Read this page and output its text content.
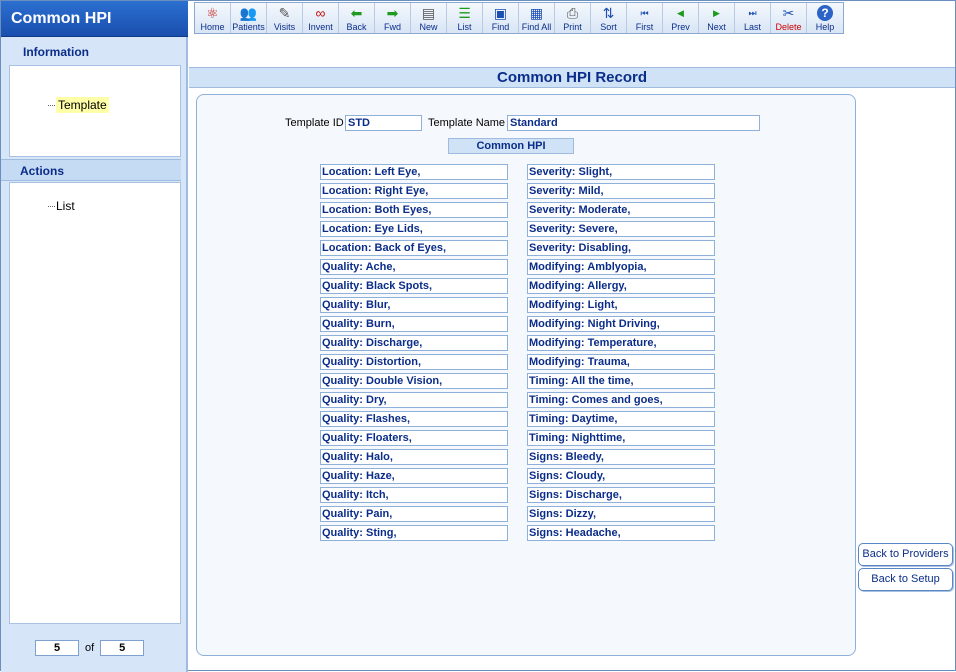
Common HPI
Information
Template
Actions
List
5 of 5
⚛
Home
👥
Patients
✎
Visits
∞
Invent
⬅
Back
➡
Fwd
▤
New
☰
List
▣
Find
▦
Find All
⎙
Print
⇅
Sort
⏮
First
◀
Prev
▶
Next
⏭
Last
✂
Delete
?
Help
Common HPI Record
Template ID STD	Template Name Standard
Common HPI
Location: Left Eye,
Location: Right Eye,
Location: Both Eyes,
Location: Eye Lids,
Location: Back of Eyes,
Quality: Ache,
Quality: Black Spots,
Quality: Blur,
Quality: Burn,
Quality: Discharge,
Quality: Distortion,
Quality: Double Vision,
Quality: Dry,
Quality: Flashes,
Quality: Floaters,
Quality: Halo,
Quality: Haze,
Quality: Itch,
Quality: Pain,
Quality: Sting,
Severity: Slight,
Severity: Mild,
Severity: Moderate,
Severity: Severe,
Severity: Disabling,
Modifying: Amblyopia,
Modifying: Allergy,
Modifying: Light,
Modifying: Night Driving,
Modifying: Temperature,
Modifying: Trauma,
Timing: All the time,
Timing: Comes and goes,
Timing: Daytime,
Timing: Nighttime,
Signs: Bleedy,
Signs: Cloudy,
Signs: Discharge,
Signs: Dizzy,
Signs: Headache,
Back to Providers
Back to Setup
